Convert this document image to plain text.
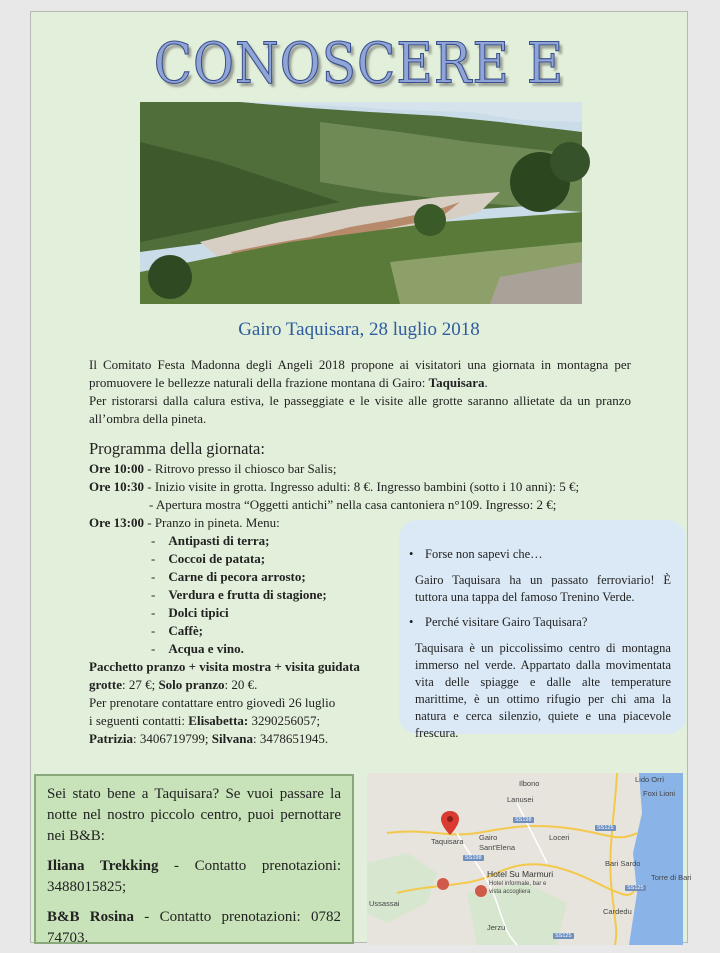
CONOSCERE E
Gairo Taquisara, 28 luglio 2018
Il Comitato Festa Madonna degli Angeli 2018 propone ai visitatori una giornata in montagna per promuovere le bellezze naturali della frazione montana di Gairo: Taquisara.
Per ristorarsi dalla calura estiva, le passeggiate e le visite alle grotte saranno allietate da un pranzo all’ombra della pineta.
Programma della giornata:
Ore 10:00 - Ritrovo presso il chiosco bar Salis;
Ore 10:30 - Inizio visite in grotta. Ingresso adulti: 8 €. Ingresso bambini (sotto i 10 anni): 5 €;
- Apertura mostra “Oggetti antichi” nella casa cantoniera n°109. Ingresso: 2 €;
Ore 13:00 - Pranzo in pineta. Menu:
-    Antipasti di terra;
-    Coccoi de patata;
-    Carne di pecora arrosto;
-    Verdura e frutta di stagione;
-    Dolci tipici
-    Caffè;
-    Acqua e vino.
Pacchetto pranzo + visita mostra + visita guidata
grotte: 27 €; Solo pranzo: 20 €.
Per prenotare contattare entro giovedì 26 luglio
i seguenti contatti: Elisabetta: 3290256057;
Patrizia: 3406719799; Silvana: 3478651945.
• Forse non sapevi che…
Gairo Taquisara ha un passato ferroviario! È tuttora una tappa del famoso Trenino Verde.
• Perché visitare Gairo Taquisara?
Taquisara è un piccolissimo centro di montagna immerso nel verde. Appartato dalla movimentata vita delle spiagge e dalle alte temperature marittime, è un ottimo rifugio per chi ama la natura e cerca silenzio, quiete e una piacevole frescura.

Sei stato bene a Taquisara? Se vuoi passare la notte nel nostro piccolo centro, puoi pernottare nei B&B:

Iliana Trekking - Contatto prenotazioni: 3488015825;

B&B Rosina - Contatto prenotazioni: 0782 74703.

Ilbono	Lido Orrì
Foxi Lioni
Lanusei
Taquisara Gairo Sant'Elena
Loceri
Bari Sardo
Torre di Bari
Hotel Su Marmuri
Hotel informale, bar e vista accogliera
Ussassai
Jerzu
Cardedu
SS198
SS198
SS125
SS125
SS125
